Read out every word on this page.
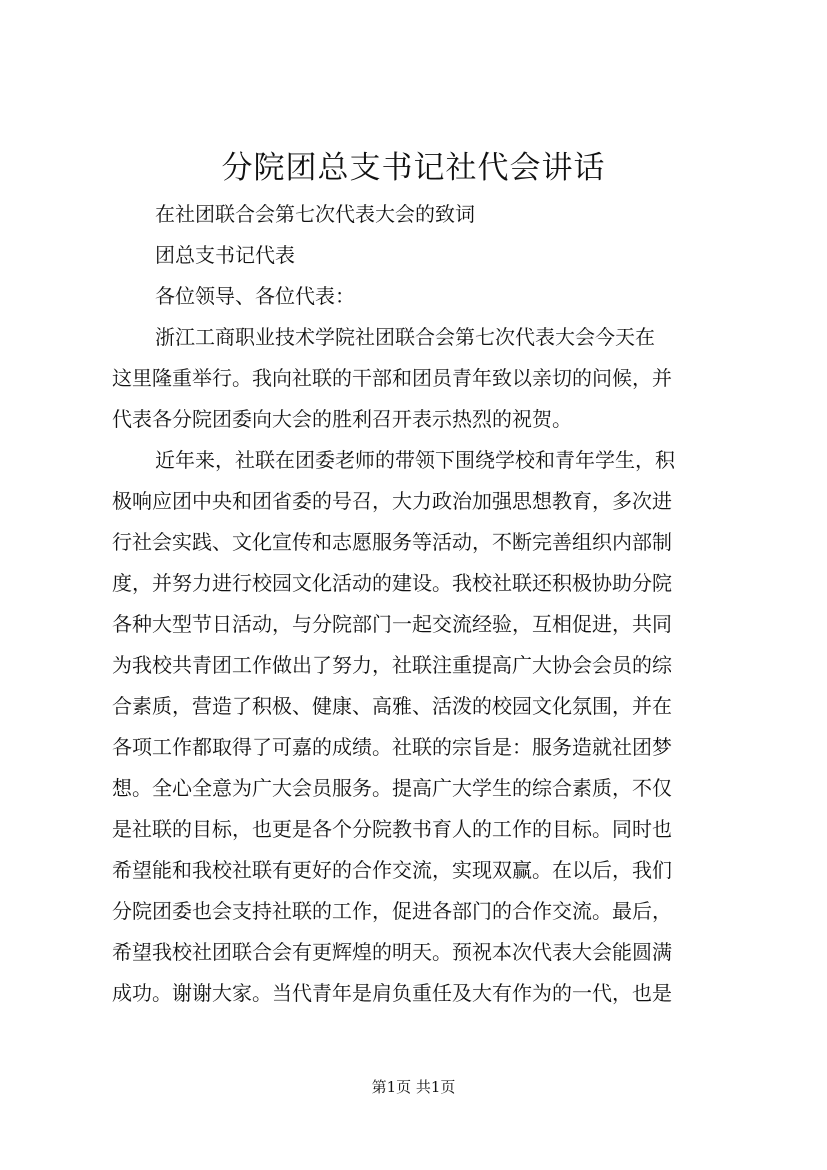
分院团总支书记社代会讲话

在社团联合会第七次代表大会的致词

团总支书记代表

各位领导、各位代表：

浙江工商职业技术学院社团联合会第七次代表大会今天在

这里隆重举行。我向社联的干部和团员青年致以亲切的问候，并

代表各分院团委向大会的胜利召开表示热烈的祝贺。

近年来，社联在团委老师的带领下围绕学校和青年学生，积

极响应团中央和团省委的号召，大力政治加强思想教育，多次进

行社会实践、文化宣传和志愿服务等活动，不断完善组织内部制

度，并努力进行校园文化活动的建设。我校社联还积极协助分院

各种大型节日活动，与分院部门一起交流经验，互相促进，共同

为我校共青团工作做出了努力，社联注重提高广大协会会员的综

合素质，营造了积极、健康、高雅、活泼的校园文化氛围，并在

各项工作都取得了可嘉的成绩。社联的宗旨是：服务造就社团梦

想。全心全意为广大会员服务。提高广大学生的综合素质，不仅

是社联的目标，也更是各个分院教书育人的工作的目标。同时也

希望能和我校社联有更好的合作交流，实现双赢。在以后，我们

分院团委也会支持社联的工作，促进各部门的合作交流。最后，

希望我校社团联合会有更辉煌的明天。预祝本次代表大会能圆满

成功。谢谢大家。当代青年是肩负重任及大有作为的一代，也是

第1页 共1页
